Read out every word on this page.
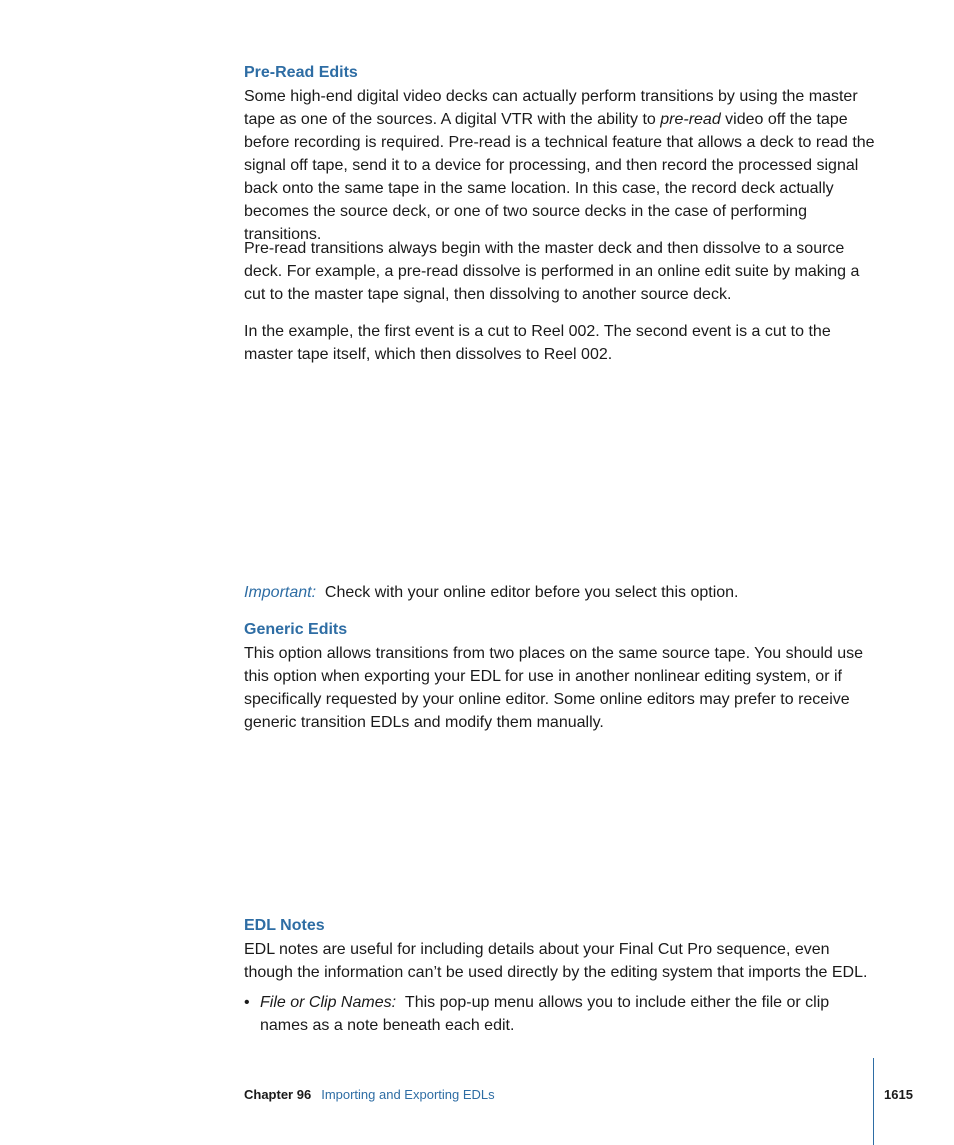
Pre-Read Edits
Some high-end digital video decks can actually perform transitions by using the master tape as one of the sources. A digital VTR with the ability to pre-read video off the tape before recording is required. Pre-read is a technical feature that allows a deck to read the signal off tape, send it to a device for processing, and then record the processed signal back onto the same tape in the same location. In this case, the record deck actually becomes the source deck, or one of two source decks in the case of performing transitions.
Pre-read transitions always begin with the master deck and then dissolve to a source deck. For example, a pre-read dissolve is performed in an online edit suite by making a cut to the master tape signal, then dissolving to another source deck.
In the example, the first event is a cut to Reel 002. The second event is a cut to the master tape itself, which then dissolves to Reel 002.
Important: Check with your online editor before you select this option.
Generic Edits
This option allows transitions from two places on the same source tape. You should use this option when exporting your EDL for use in another nonlinear editing system, or if specifically requested by your online editor. Some online editors may prefer to receive generic transition EDLs and modify them manually.
EDL Notes
EDL notes are useful for including details about your Final Cut Pro sequence, even though the information can’t be used directly by the editing system that imports the EDL.
• File or Clip Names: This pop-up menu allows you to include either the file or clip names as a note beneath each edit.
Chapter 96 Importing and Exporting EDLs	1615
